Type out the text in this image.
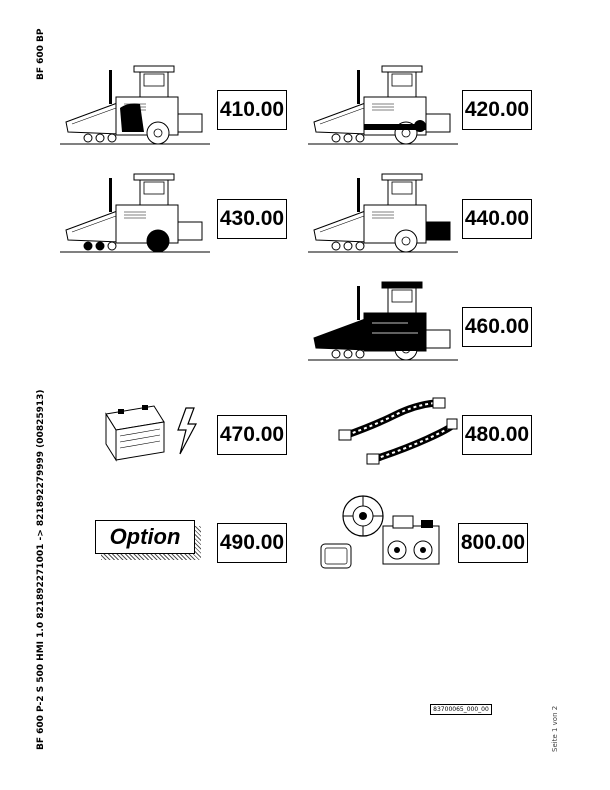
BF 600 BP
BF 600 P-2 S 500 HMI 1.0 821892271001 -> 821892279999 (00825913)
410.00	420.00
430.00	440.00
460.00
470.00	480.00
Option	490.00	800.00
83700065_000_00	Seite 1 von 2
